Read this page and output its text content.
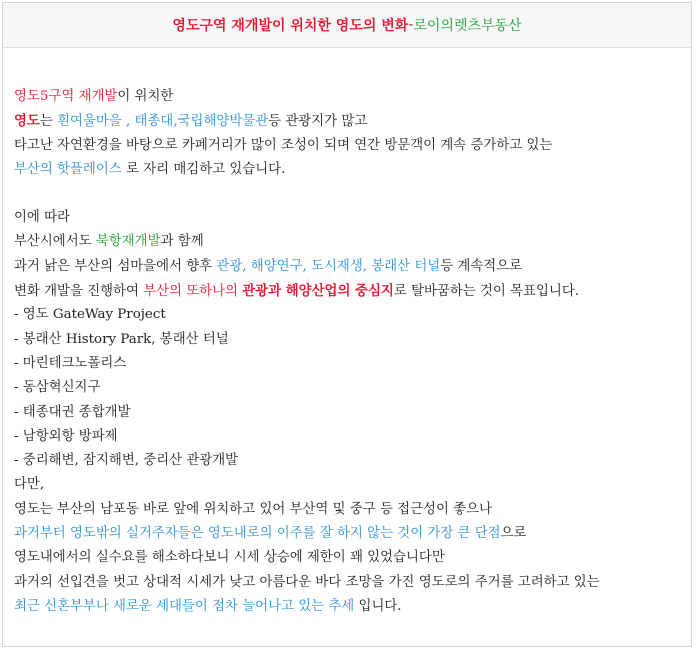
영도구역 재개발이 위치한 영도의 변화 - 로이의렛츠부동산
영도5구역 재개발이 위치한
영도는 흰여울마을 , 태종대,국립해양박물관등 관광지가 많고
타고난 자연환경을 바탕으로 카페거리가 많이 조성이 되며 연간 방문객이 계속 증가하고 있는
부산의 핫플레이스 로 자리 매김하고 있습니다.
이에 따라
부산시에서도 북항재개발과 함께
과거 낡은 부산의 섬마을에서 향후 관광, 해양연구, 도시재생, 봉래산 터널등 계속적으로
변화 개발을 진행하여 부산의 또하나의 관광과 해양산업의 중심지로 탈바꿈하는 것이 목표입니다.
- 영도 GateWay Project
- 봉래산 History Park, 봉래산 터널
- 마린테크노폴리스
- 동삼혁신지구
- 태종대권 종합개발
- 남항외항 방파제
- 중리해변, 잠지해변, 중리산 관광개발
다만,
영도는 부산의 남포동 바로 앞에 위치하고 있어 부산역 및 중구 등 접근성이 좋으나
과거부터 영도밖의 실거주자들은 영도내로의 이주를 잘 하지 않는 것이 가장 큰 단점으로
영도내에서의 실수요를 해소하다보니 시세 상승에 제한이 꽤 있었습니다만
과거의 선입견을 벗고 상대적 시세가 낮고 아름다운 바다 조망을 가진 영도로의 주거를 고려하고 있는
최근 신혼부부나 새로운 세대들이 점차 늘어나고 있는 추세 입니다.
